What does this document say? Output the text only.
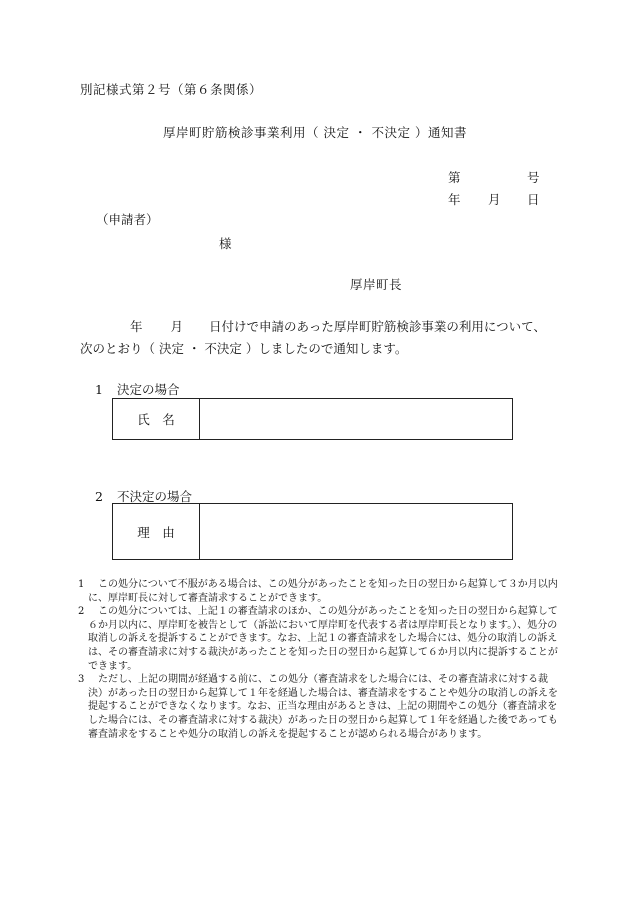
別記様式第２号（第６条関係）
厚岸町貯筋検診事業利用（ 決定 ・ 不決定 ）通知書
第	号
年 月 日
（申請者）
様
厚岸町長
年 月 日付けで申請のあった厚岸町貯筋検診事業の利用について、
次のとおり（ 決定 ・ 不決定 ）しましたので通知します。
1 決定の場合
氏　名
2 不決定の場合
理　由
1 　この処分について不服がある場合は、この処分があったことを知った日の翌日から起算して３か月以内に、厚岸町長に対して審査請求することができます。
2 　この処分については、上記１の審査請求のほか、この処分があったことを知った日の翌日から起算して６か月以内に、厚岸町を被告として（訴訟において厚岸町を代表する者は厚岸町長となります。）、処分の取消しの訴えを提訴することができます。なお、上記１の審査請求をした場合には、処分の取消しの訴えは、その審査請求に対する裁決があったことを知った日の翌日から起算して６か月以内に提訴することができます。
3 　ただし、上記の期間が経過する前に、この処分（審査請求をした場合には、その審査請求に対する裁決）があった日の翌日から起算して１年を経過した場合は、審査請求をすることや処分の取消しの訴えを提起することができなくなります。なお、正当な理由があるときは、上記の期間やこの処分（審査請求をした場合には、その審査請求に対する裁決）があった日の翌日から起算して１年を経過した後であっても審査請求をすることや処分の取消しの訴えを提起することが認められる場合があります。
